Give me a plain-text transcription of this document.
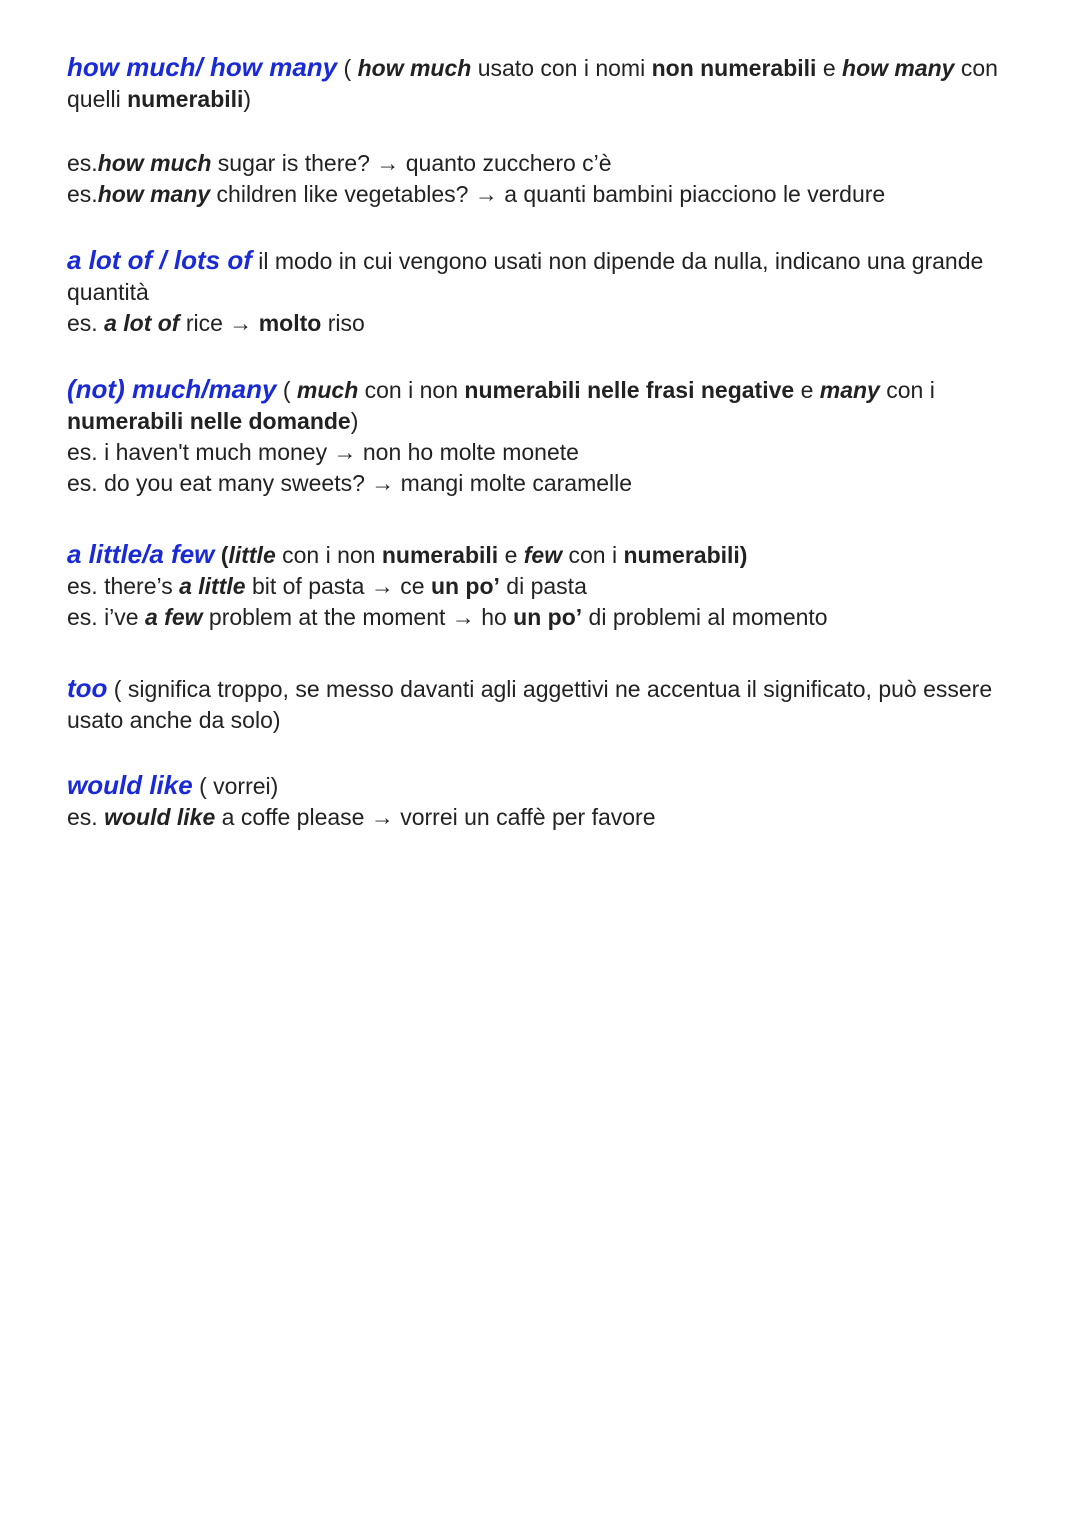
how much/ how many ( how much usato con i nomi non numerabili e how many con
quelli numerabili)
es.how much sugar is there? → quanto zucchero c’è
es.how many children like vegetables? → a quanti bambini piacciono le verdure
a lot of / lots of il modo in cui vengono usati non dipende da nulla, indicano una grande
quantità
es. a lot of rice → molto riso
(not) much/many ( much con i non numerabili nelle frasi negative e many con i
numerabili nelle domande)
es. i haven't much money → non ho molte monete
es. do you eat many sweets? → mangi molte caramelle
a little/a few (little con i non numerabili e few con i numerabili)
es. there’s a little bit of pasta → ce un po’ di pasta
es. i’ve a few problem at the moment → ho un po’ di problemi al momento
too ( significa troppo, se messo davanti agli aggettivi ne accentua il significato, può essere
usato anche da solo)
would like ( vorrei)
es. would like a coffe please → vorrei un caffè per favore
